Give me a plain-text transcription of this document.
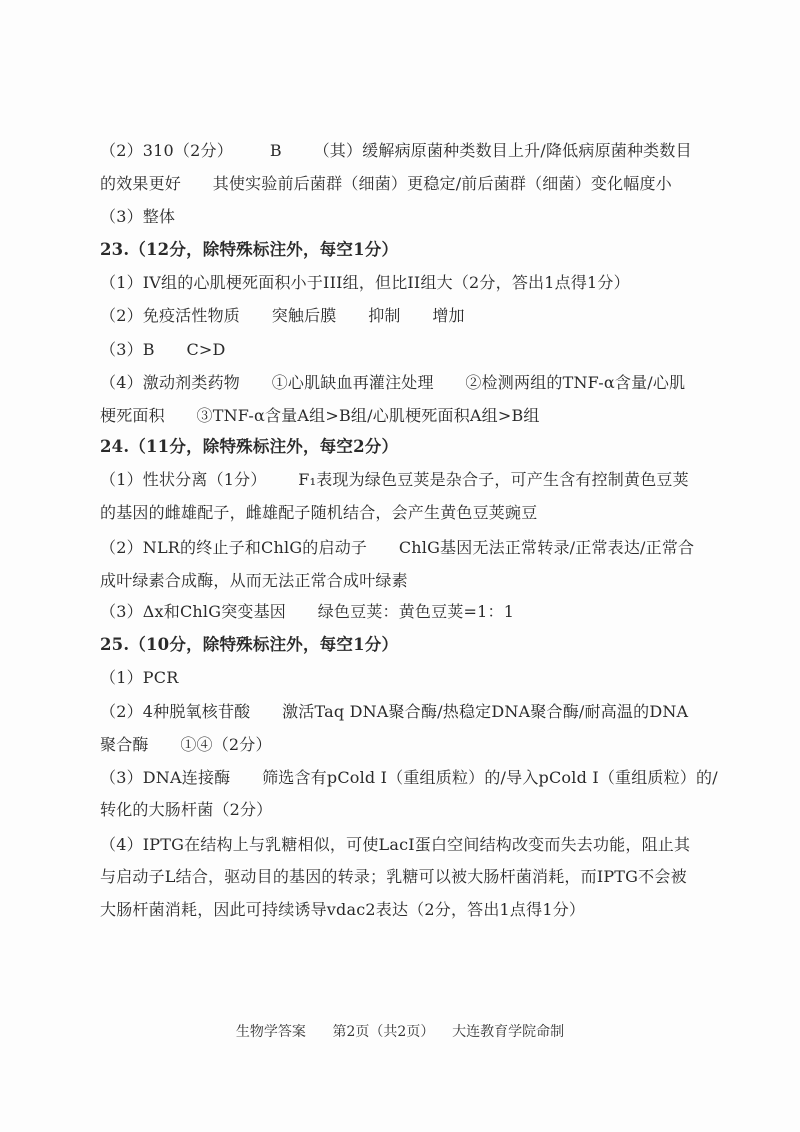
（2）310（2分）       B      （其）缓解病原菌种类数目上升/降低病原菌种类数目
的效果更好      其使实验前后菌群（细菌）更稳定/前后菌群（细菌）变化幅度小
（3）整体
23.（12分，除特殊标注外，每空1分）
（1）IV组的心肌梗死面积小于III组，但比II组大（2分，答出1点得1分）
（2）免疫活性物质      突触后膜      抑制      增加
（3）B      C>D
（4）激动剂类药物      ①心肌缺血再灌注处理      ②检测两组的TNF-α含量/心肌
梗死面积      ③TNF-α含量A组>B组/心肌梗死面积A组>B组
24.（11分，除特殊标注外，每空2分）
（1）性状分离（1分）      F₁表现为绿色豆荚是杂合子，可产生含有控制黄色豆荚
的基因的雌雄配子，雌雄配子随机结合，会产生黄色豆荚豌豆
（2）NLR的终止子和ChlG的启动子      ChlG基因无法正常转录/正常表达/正常合
成叶绿素合成酶，从而无法正常合成叶绿素
（3）Δx和ChlG突变基因      绿色豆荚：黄色豆荚=1：1
25.（10分，除特殊标注外，每空1分）
（1）PCR
（2）4种脱氧核苷酸      激活Taq DNA聚合酶/热稳定DNA聚合酶/耐高温的DNA
聚合酶      ①④（2分）
（3）DNA连接酶      筛选含有pCold I（重组质粒）的/导入pCold I（重组质粒）的/
转化的大肠杆菌（2分）
（4）IPTG在结构上与乳糖相似，可使LacI蛋白空间结构改变而失去功能，阻止其
与启动子L结合，驱动目的基因的转录；乳糖可以被大肠杆菌消耗，而IPTG不会被
大肠杆菌消耗，因此可持续诱导vdac2表达（2分，答出1点得1分）
生物学答案      第2页（共2页）    大连教育学院命制
